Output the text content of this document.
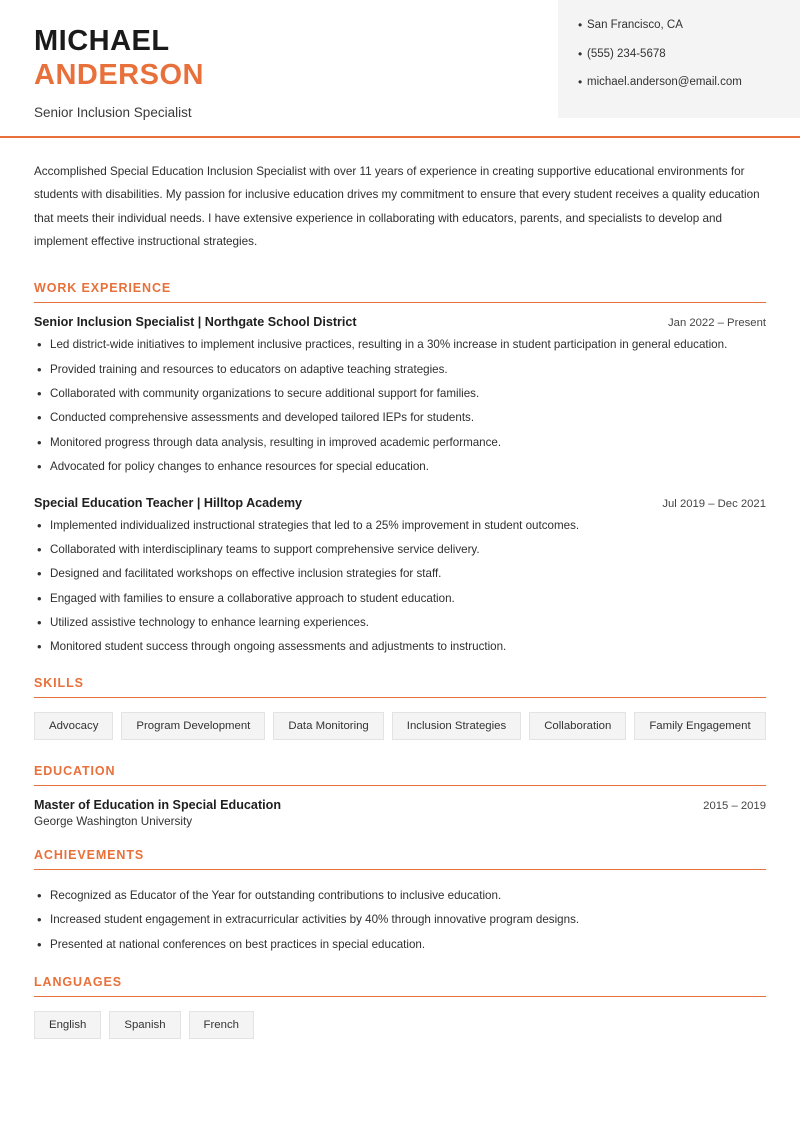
MICHAEL
ANDERSON
Senior Inclusion Specialist
• San Francisco, CA
• (555) 234-5678
• michael.anderson@email.com
Accomplished Special Education Inclusion Specialist with over 11 years of experience in creating supportive educational environments for students with disabilities. My passion for inclusive education drives my commitment to ensure that every student receives a quality education that meets their individual needs. I have extensive experience in collaborating with educators, parents, and specialists to develop and implement effective instructional strategies.
WORK EXPERIENCE
Senior Inclusion Specialist | Northgate School District	Jan 2022 – Present
• Led district-wide initiatives to implement inclusive practices, resulting in a 30% increase in student participation in general education.
• Provided training and resources to educators on adaptive teaching strategies.
• Collaborated with community organizations to secure additional support for families.
• Conducted comprehensive assessments and developed tailored IEPs for students.
• Monitored progress through data analysis, resulting in improved academic performance.
• Advocated for policy changes to enhance resources for special education.
Special Education Teacher | Hilltop Academy	Jul 2019 – Dec 2021
• Implemented individualized instructional strategies that led to a 25% improvement in student outcomes.
• Collaborated with interdisciplinary teams to support comprehensive service delivery.
• Designed and facilitated workshops on effective inclusion strategies for staff.
• Engaged with families to ensure a collaborative approach to student education.
• Utilized assistive technology to enhance learning experiences.
• Monitored student success through ongoing assessments and adjustments to instruction.
SKILLS
Advocacy	Program Development	Data Monitoring	Inclusion Strategies	Collaboration	Family Engagement
EDUCATION
Master of Education in Special Education	2015 – 2019
George Washington University
ACHIEVEMENTS
• Recognized as Educator of the Year for outstanding contributions to inclusive education.
• Increased student engagement in extracurricular activities by 40% through innovative program designs.
• Presented at national conferences on best practices in special education.
LANGUAGES
English	Spanish	French
